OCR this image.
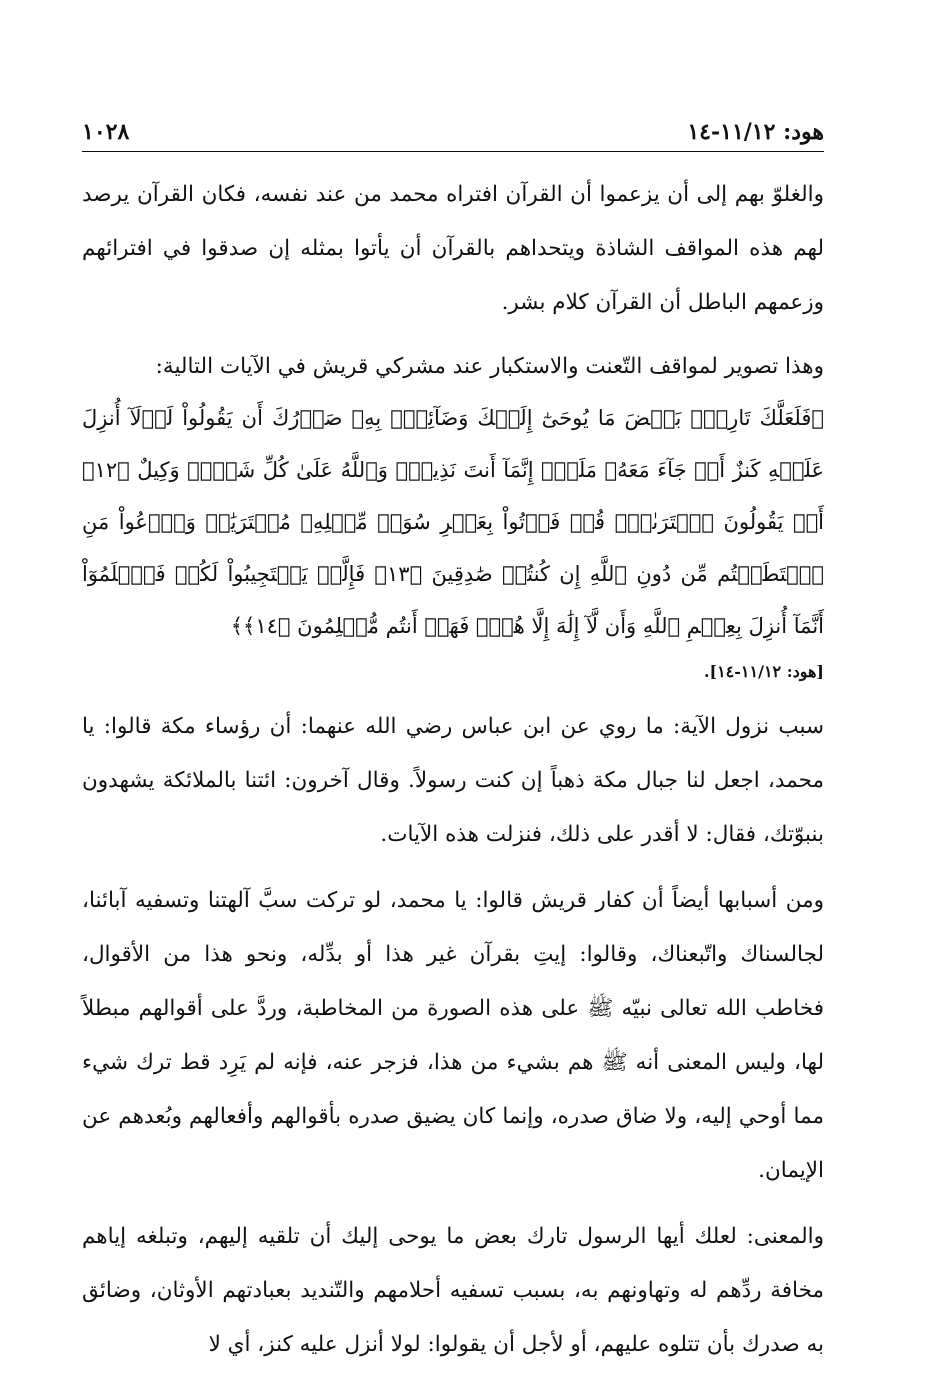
هود: ١١/١٢-١٤
١٠٢٨

والغلوّ بهم إلى أن يزعموا أن القرآن افتراه محمد من عند نفسه، فكان القرآن يرصد لهم هذه المواقف الشاذة ويتحداهم بالقرآن أن يأتوا بمثله إن صدقوا في افترائهم وزعمهم الباطل أن القرآن كلام بشر.

وهذا تصوير لمواقف التّعنت والاستكبار عند مشركي قريش في الآيات التالية:

﴿فَلَعَلَّكَ تَارِكُۢ بَعۡضَ مَا يُوحَىٰٓ إِلَيۡكَ وَضَآئِقُۢ بِهِۦ صَدۡرُكَ أَن يَقُولُواْ لَوۡلَآ أُنزِلَ عَلَيۡهِ كَنزٌ أَوۡ جَآءَ مَعَهُۥ مَلَكٌۚ إِنَّمَآ أَنتَ نَذِيرٞۚ وَٱللَّهُ عَلَىٰ كُلِّ شَيۡءٖ وَكِيلٌ ﴿١٢﴾ أَمۡ يَقُولُونَ ٱفۡتَرَىٰهُۖ قُلۡ فَأۡتُواْ بِعَشۡرِ سُوَرٖ مِّثۡلِهِۦ مُفۡتَرَيَٰتٖ وَٱدۡعُواْ مَنِ ٱسۡتَطَعۡتُم مِّن دُونِ ٱللَّهِ إِن كُنتُمۡ صَٰدِقِينَ ﴿١٣﴾ فَإِلَّمۡ يَسۡتَجِيبُواْ لَكُمۡ فَٱعۡلَمُوٓاْ أَنَّمَآ أُنزِلَ بِعِلۡمِ ٱللَّهِ وَأَن لَّآ إِلَٰهَ إِلَّا هُوَۖ فَهَلۡ أَنتُم مُّسۡلِمُونَ ﴿١٤﴾﴾

[هود: ١١/١٢-١٤].

سبب نزول الآية: ما روي عن ابن عباس رضي الله عنهما: أن رؤساء مكة قالوا: يا محمد، اجعل لنا جبال مكة ذهباً إن كنت رسولاً. وقال آخرون: ائتنا بالملائكة يشهدون بنبوّتك، فقال: لا أقدر على ذلك، فنزلت هذه الآيات.

ومن أسبابها أيضاً أن كفار قريش قالوا: يا محمد، لو تركت سبَّ آلهتنا وتسفيه آبائنا، لجالسناك واتّبعناك، وقالوا: إيتِ بقرآن غير هذا أو بدِّله، ونحو هذا من الأقوال، فخاطب الله تعالى نبيّه ﷺ على هذه الصورة من المخاطبة، وردَّ على أقوالهم مبطلاً لها، وليس المعنى أنه ﷺ هم بشيء من هذا، فزجر عنه، فإنه لم يَرِد قط ترك شيء مما أوحي إليه، ولا ضاق صدره، وإنما كان يضيق صدره بأقوالهم وأفعالهم وبُعدهم عن الإيمان.

والمعنى: لعلك أيها الرسول تارك بعض ما يوحى إليك أن تلقيه إليهم، وتبلغه إياهم مخافة ردِّهم له وتهاونهم به، بسبب تسفيه أحلامهم والتّنديد بعبادتهم الأوثان، وضائق به صدرك بأن تتلوه عليهم، أو لأجل أن يقولوا: لولا أنزل عليه كنز، أي لا
